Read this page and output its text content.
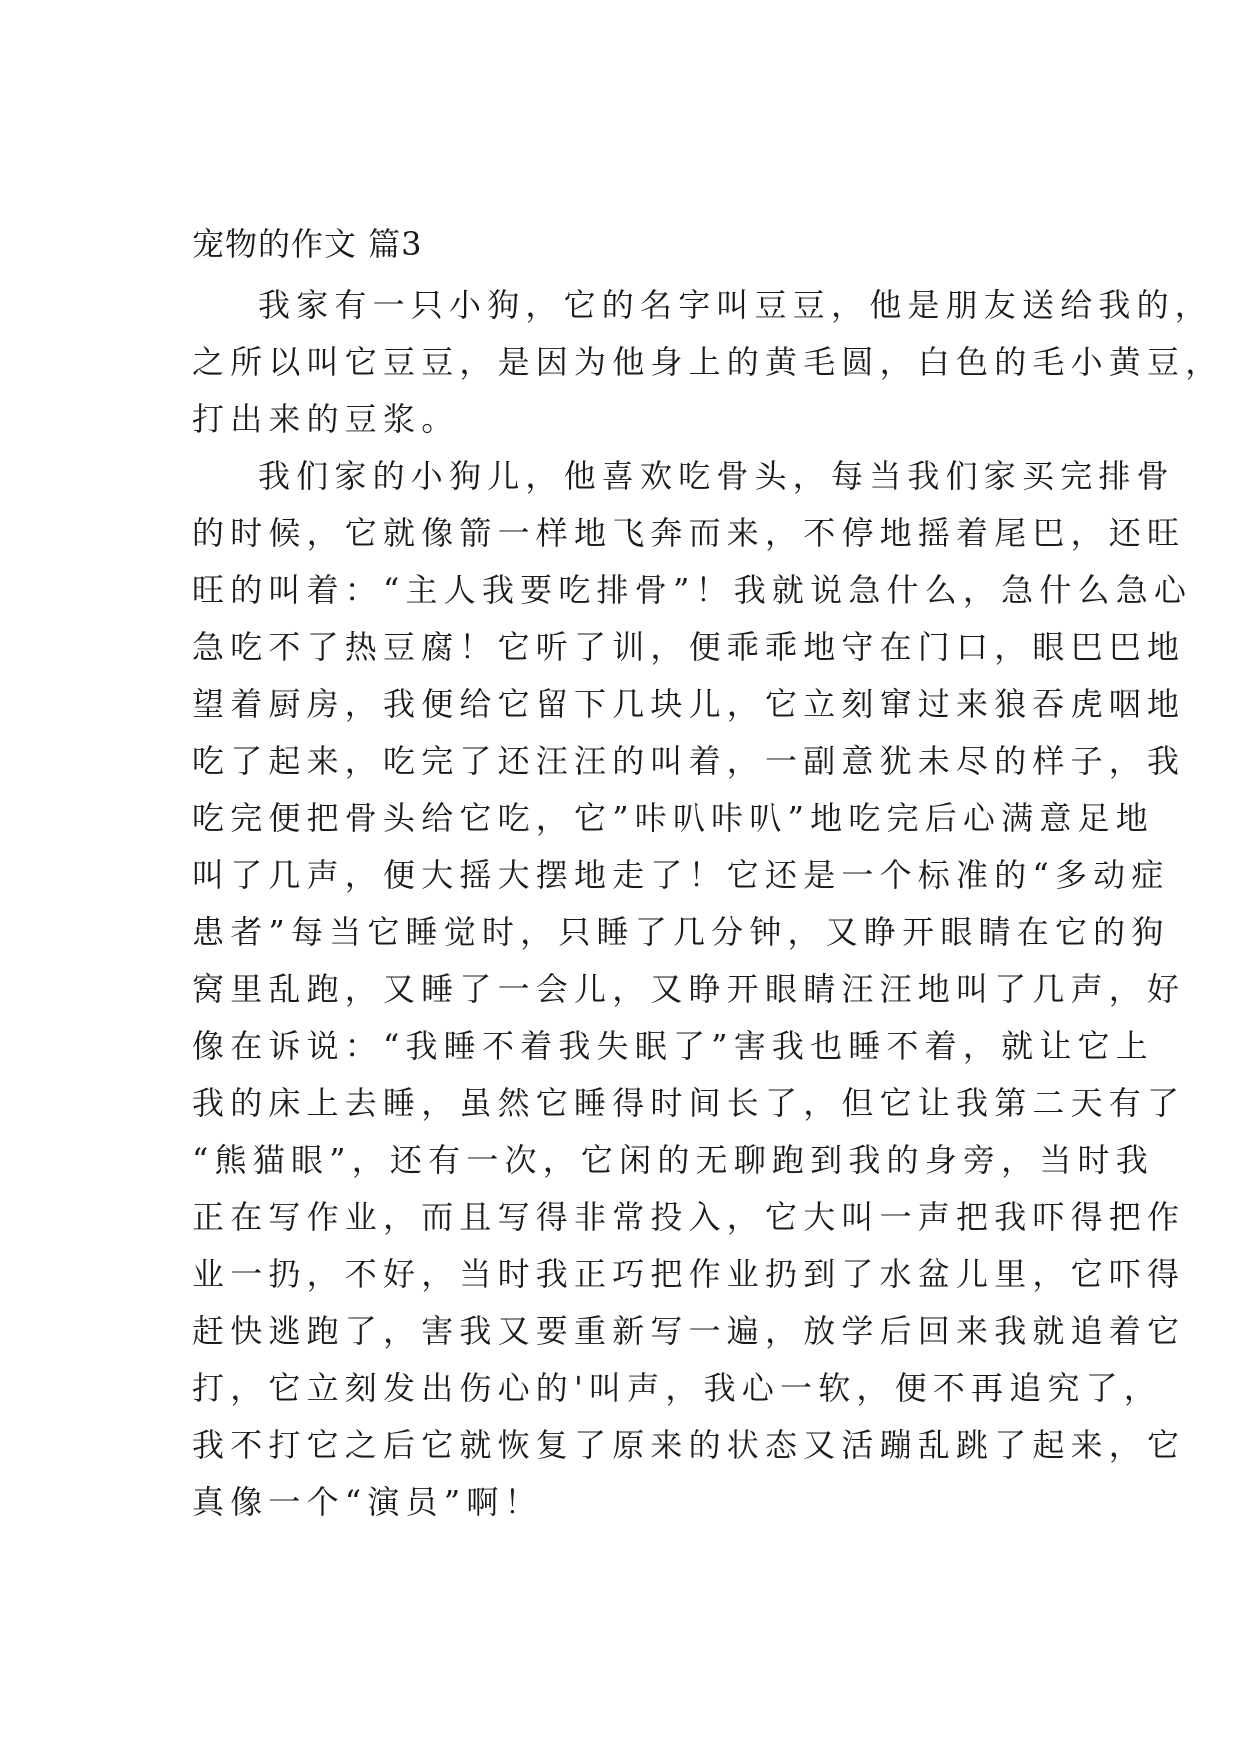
宠物的作文 篇3
我家有一只小狗，它的名字叫豆豆，他是朋友送给我的，
之所以叫它豆豆，是因为他身上的黄毛圆，白色的毛小黄豆，
打出来的豆浆。
我们家的小狗儿，他喜欢吃骨头，每当我们家买完排骨
的时候，它就像箭一样地飞奔而来，不停地摇着尾巴，还旺
旺的叫着：“主人我要吃排骨”！我就说急什么，急什么急心
急吃不了热豆腐！它听了训，便乖乖地守在门口，眼巴巴地
望着厨房，我便给它留下几块儿，它立刻窜过来狼吞虎咽地
吃了起来，吃完了还汪汪的叫着，一副意犹未尽的样子，我
吃完便把骨头给它吃，它”咔叭咔叭”地吃完后心满意足地
叫了几声，便大摇大摆地走了！它还是一个标准的“多动症
患者”每当它睡觉时，只睡了几分钟，又睁开眼睛在它的狗
窝里乱跑，又睡了一会儿，又睁开眼睛汪汪地叫了几声，好
像在诉说：“我睡不着我失眠了”害我也睡不着，就让它上
我的床上去睡，虽然它睡得时间长了，但它让我第二天有了
“熊猫眼”，还有一次，它闲的无聊跑到我的身旁，当时我
正在写作业，而且写得非常投入，它大叫一声把我吓得把作
业一扔，不好，当时我正巧把作业扔到了水盆儿里，它吓得
赶快逃跑了，害我又要重新写一遍，放学后回来我就追着它
打，它立刻发出伤心的'叫声，我心一软，便不再追究了，
我不打它之后它就恢复了原来的状态又活蹦乱跳了起来，它
真像一个“演员”啊！
